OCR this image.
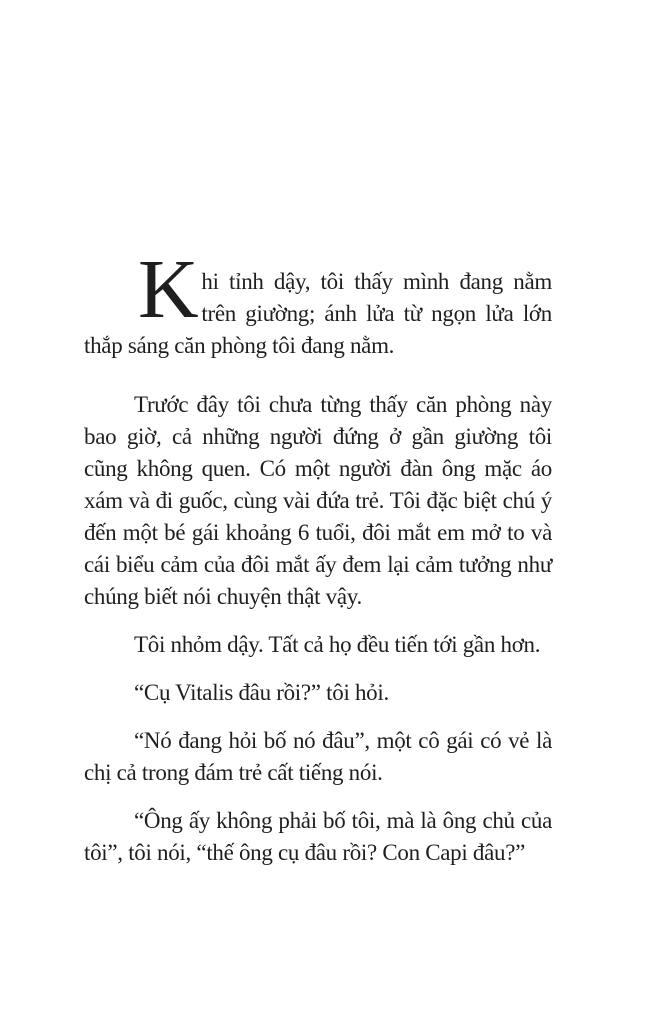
Khi tỉnh dậy, tôi thấy mình đang nằm trên giường; ánh lửa từ ngọn lửa lớn thắp sáng căn phòng tôi đang nằm.

Trước đây tôi chưa từng thấy căn phòng này bao giờ, cả những người đứng ở gần giường tôi cũng không quen. Có một người đàn ông mặc áo xám và đi guốc, cùng vài đứa trẻ. Tôi đặc biệt chú ý đến một bé gái khoảng 6 tuổi, đôi mắt em mở to và cái biểu cảm của đôi mắt ấy đem lại cảm tưởng như chúng biết nói chuyện thật vậy.

Tôi nhỏm dậy. Tất cả họ đều tiến tới gần hơn.

“Cụ Vitalis đâu rồi?” tôi hỏi.

“Nó đang hỏi bố nó đâu”, một cô gái có vẻ là chị cả trong đám trẻ cất tiếng nói.

“Ông ấy không phải bố tôi, mà là ông chủ của tôi”, tôi nói, “thế ông cụ đâu rồi? Con Capi đâu?”
